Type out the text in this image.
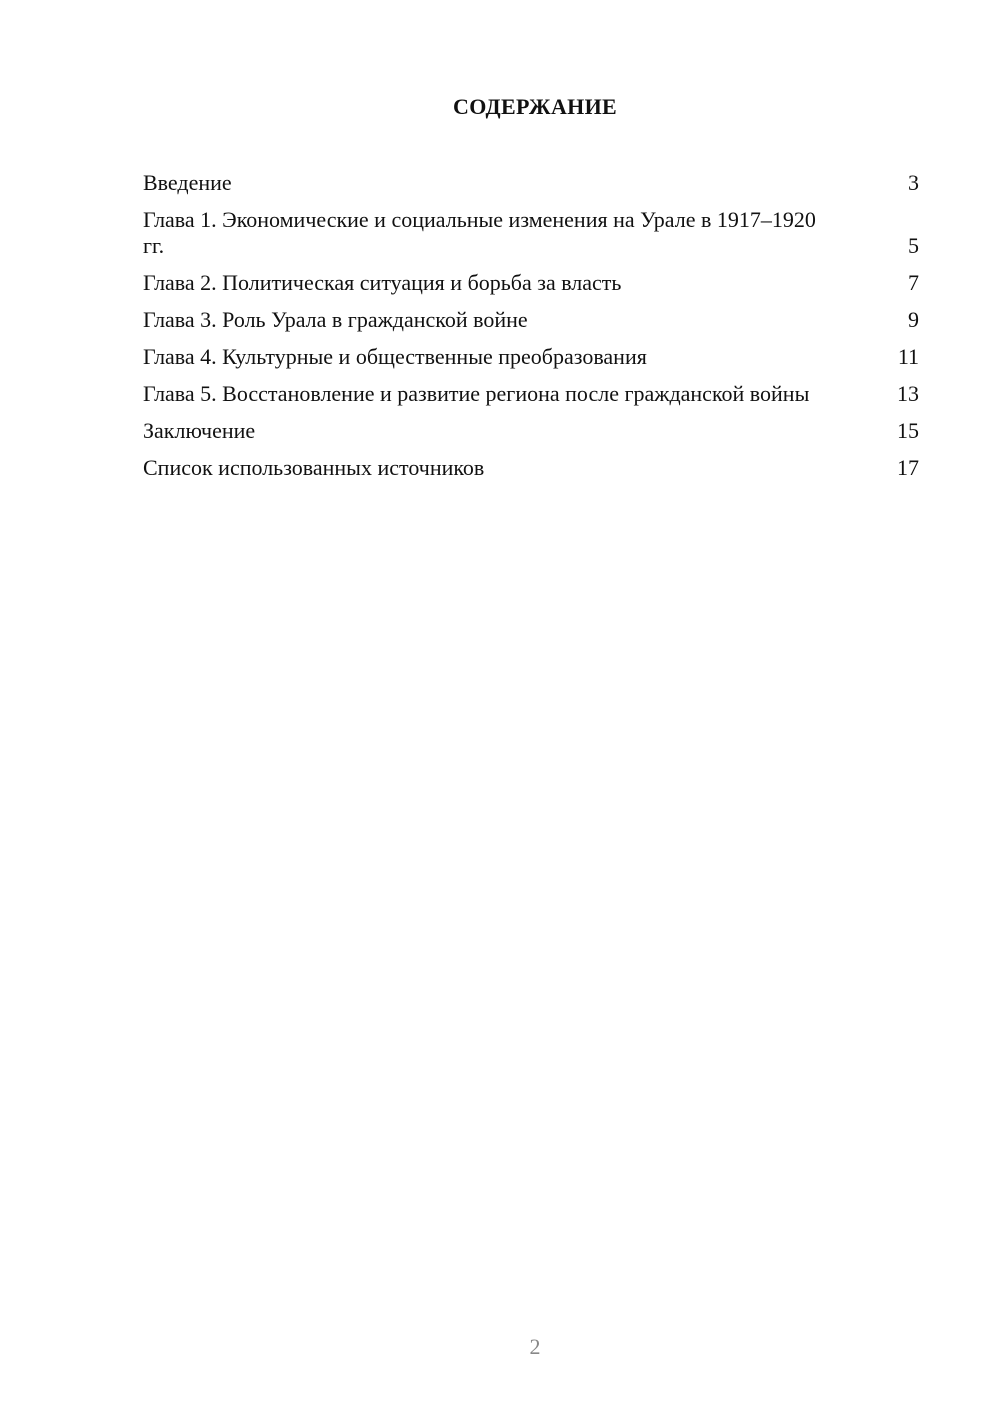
СОДЕРЖАНИЕ
Введение	3
Глава 1. Экономические и социальные изменения на Урале в 1917–1920 гг.	5
Глава 2. Политическая ситуация и борьба за власть	7
Глава 3. Роль Урала в гражданской войне	9
Глава 4. Культурные и общественные преобразования	11
Глава 5. Восстановление и развитие региона после гражданской войны	13
Заключение	15
Список использованных источников	17
2
